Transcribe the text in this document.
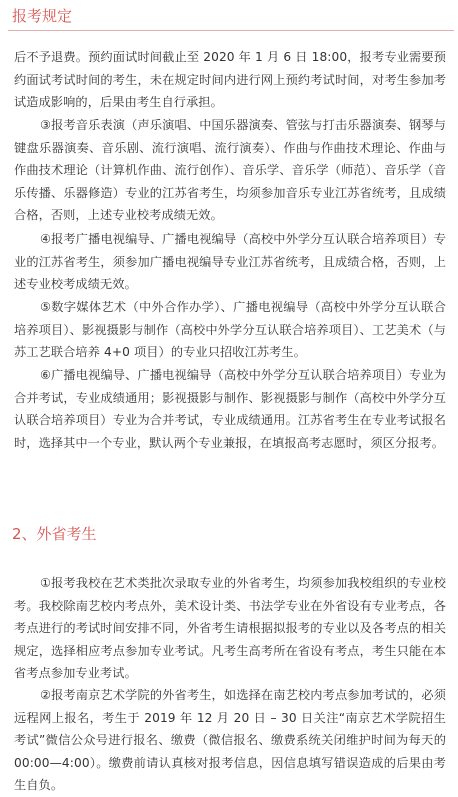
报考规定
后不予退费。预约面试时间截止至 2020 年 1 月 6 日 18:00，报考专业需要预约面试考试时间的考生，未在规定时间内进行网上预约考试时间，对考生参加考试造成影响的，后果由考生自行承担。
③报考音乐表演（声乐演唱、中国乐器演奏、管弦与打击乐器演奏、钢琴与键盘乐器演奏、音乐剧、流行演唱、流行演奏）、作曲与作曲技术理论、作曲与作曲技术理论（计算机作曲、流行创作）、音乐学、音乐学（师范）、音乐学（音乐传播、乐器修造）专业的江苏省考生，均须参加音乐专业江苏省统考，且成绩合格，否则，上述专业校考成绩无效。
④报考广播电视编导、广播电视编导（高校中外学分互认联合培养项目）专业的江苏省考生，须参加广播电视编导专业江苏省统考，且成绩合格，否则，上述专业校考成绩无效。
⑤数字媒体艺术（中外合作办学）、广播电视编导（高校中外学分互认联合培养项目）、影视摄影与制作（高校中外学分互认联合培养项目）、工艺美术（与苏工艺联合培养 4+0 项目）的专业只招收江苏考生。
⑥广播电视编导、广播电视编导（高校中外学分互认联合培养项目）专业为合并考试，专业成绩通用；影视摄影与制作、影视摄影与制作（高校中外学分互认联合培养项目）专业为合并考试，专业成绩通用。江苏省考生在专业考试报名时，选择其中一个专业，默认两个专业兼报，在填报高考志愿时，须区分报考。
2、外省考生
①报考我校在艺术类批次录取专业的外省考生，均须参加我校组织的专业校考。我校除南艺校内考点外，美术设计类、书法学专业在外省设有专业考点，各考点进行的考试时间安排不同，外省考生请根据拟报考的专业以及各考点的相关规定，选择相应考点参加专业考试。凡考生高考所在省设有考点，考生只能在本省考点参加专业考试。
②报考南京艺术学院的外省考生，如选择在南艺校内考点参加考试的，必须远程网上报名，考生于 2019 年 12 月 20 日 – 30 日关注“南京艺术学院招生考试”微信公众号进行报名、缴费（微信报名、缴费系统关闭维护时间为每天的 00:00—4:00）。缴费前请认真核对报考信息，因信息填写错误造成的后果由考生自负。
